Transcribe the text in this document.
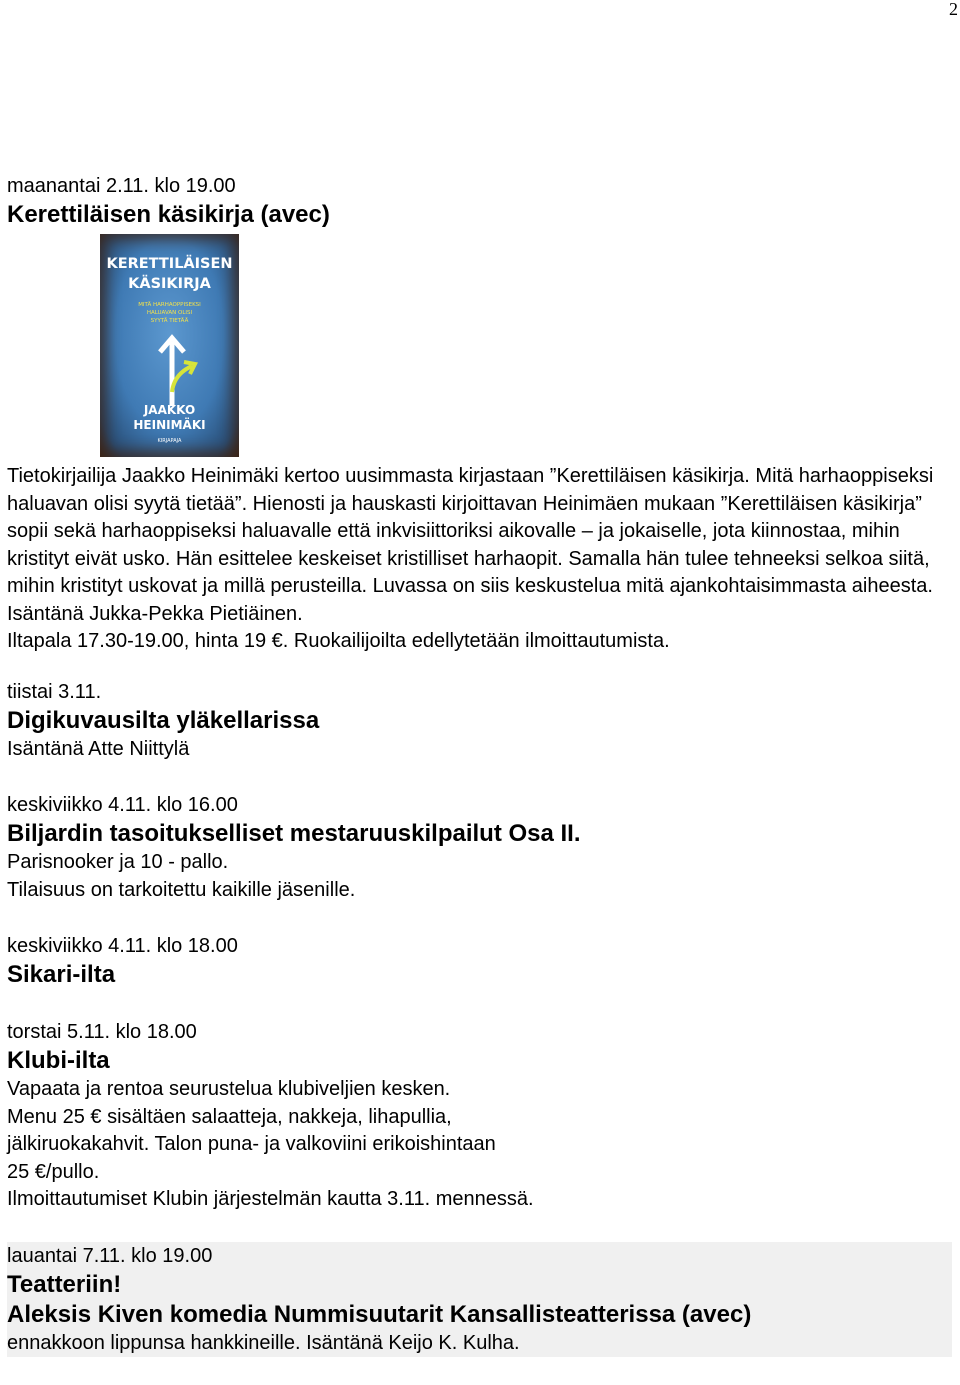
2
maanantai 2.11. klo 19.00
Kerettiläisen käsikirja (avec)
KERETTILÄISEN
KÄSIKIRJA
MITÄ HARHAOPPISEKSI
HALUAVAN OLISI
SYYTÄ TIETÄÄ
JAAKKO
HEINIMÄKI
KIRJAPAJA
Tietokirjailija Jaakko Heinimäki kertoo uusimmasta kirjastaan ”Kerettiläisen käsikirja. Mitä harhaoppiseksi haluavan olisi syytä tietää”. Hienosti ja hauskasti kirjoittavan Heinimäen mukaan ”Kerettiläisen käsikirja” sopii sekä harhaoppiseksi haluavalle että inkvisiittoriksi aikovalle – ja jokaiselle, jota kiinnostaa, mihin kristityt eivät usko. Hän esittelee keskeiset kristilliset harhaopit. Samalla hän tulee tehneeksi selkoa siitä, mihin kristityt uskovat ja millä perusteilla. Luvassa on siis keskustelua mitä ajankohtaisimmasta aiheesta.
Isäntänä Jukka-Pekka Pietiäinen.
Iltapala 17.30-19.00, hinta 19 €. Ruokailijoilta edellytetään ilmoittautumista.
tiistai 3.11.
Digikuvausilta yläkellarissa
Isäntänä Atte Niittylä
keskiviikko 4.11. klo 16.00
Biljardin tasoitukselliset mestaruuskilpailut Osa II.
Parisnooker ja 10 - pallo.
Tilaisuus on tarkoitettu kaikille jäsenille.
keskiviikko 4.11. klo 18.00
Sikari-ilta
torstai 5.11. klo 18.00
Klubi-ilta
Vapaata ja rentoa seurustelua klubiveljien kesken.
Menu 25 € sisältäen salaatteja, nakkeja, lihapullia,
jälkiruokakahvit. Talon puna- ja valkoviini erikoishintaan
25 €/pullo.
Ilmoittautumiset Klubin järjestelmän kautta 3.11. mennessä.
lauantai 7.11. klo 19.00
Teatteriin!
Aleksis Kiven komedia Nummisuutarit Kansallisteatterissa (avec)
ennakkoon lippunsa hankkineille. Isäntänä Keijo K. Kulha.
